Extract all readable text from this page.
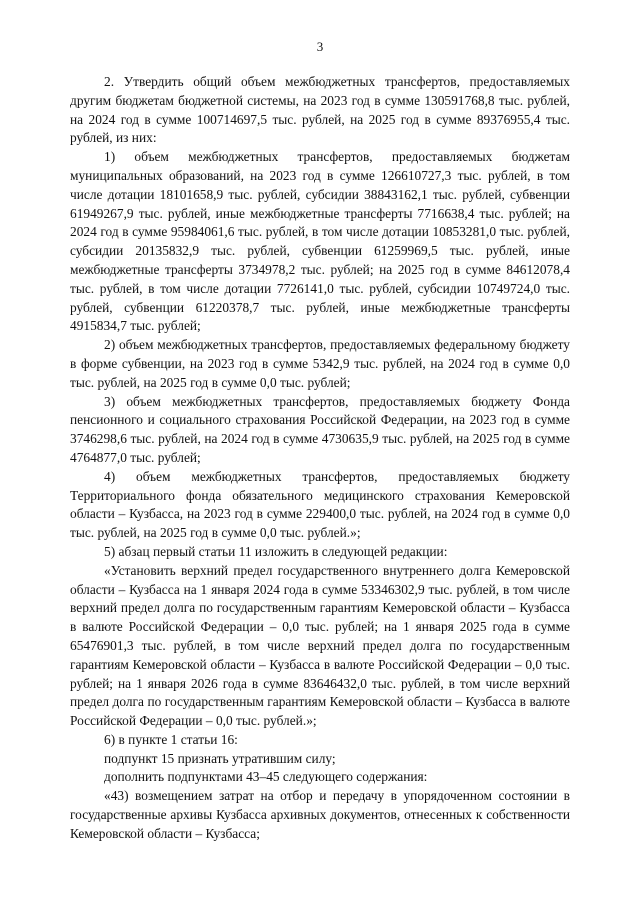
3

2. Утвердить общий объем межбюджетных трансфертов, предоставляемых другим бюджетам бюджетной системы, на 2023 год в сумме 130591768,8 тыс. рублей, на 2024 год в сумме 100714697,5 тыс. рублей, на 2025 год в сумме 89376955,4 тыс. рублей, из них:

1) объем межбюджетных трансфертов, предоставляемых бюджетам муниципальных образований, на 2023 год в сумме 126610727,3 тыс. рублей, в том числе дотации 18101658,9 тыс. рублей, субсидии 38843162,1 тыс. рублей, субвенции 61949267,9 тыс. рублей, иные межбюджетные трансферты 7716638,4 тыс. рублей; на 2024 год в сумме 95984061,6 тыс. рублей, в том числе дотации 10853281,0 тыс. рублей, субсидии 20135832,9 тыс. рублей, субвенции 61259969,5 тыс. рублей, иные межбюджетные трансферты 3734978,2 тыс. рублей; на 2025 год в сумме 84612078,4 тыс. рублей, в том числе дотации 7726141,0 тыс. рублей, субсидии 10749724,0 тыс. рублей, субвенции 61220378,7 тыс. рублей, иные межбюджетные трансферты 4915834,7 тыс. рублей;

2) объем межбюджетных трансфертов, предоставляемых федеральному бюджету в форме субвенции, на 2023 год в сумме 5342,9 тыс. рублей, на 2024 год в сумме 0,0 тыс. рублей, на 2025 год в сумме 0,0 тыс. рублей;

3) объем межбюджетных трансфертов, предоставляемых бюджету Фонда пенсионного и социального страхования Российской Федерации, на 2023 год в сумме 3746298,6 тыс. рублей, на 2024 год в сумме 4730635,9 тыс. рублей, на 2025 год в сумме 4764877,0 тыс. рублей;

4) объем межбюджетных трансфертов, предоставляемых бюджету Территориального фонда обязательного медицинского страхования Кемеровской области – Кузбасса, на 2023 год в сумме 229400,0 тыс. рублей, на 2024 год в сумме 0,0 тыс. рублей, на 2025 год в сумме 0,0 тыс. рублей.»;

5) абзац первый статьи 11 изложить в следующей редакции:

«Установить верхний предел государственного внутреннего долга Кемеровской области – Кузбасса на 1 января 2024 года в сумме 53346302,9 тыс. рублей, в том числе верхний предел долга по государственным гарантиям Кемеровской области – Кузбасса в валюте Российской Федерации – 0,0 тыс. рублей; на 1 января 2025 года в сумме 65476901,3 тыс. рублей, в том числе верхний предел долга по государственным гарантиям Кемеровской области – Кузбасса в валюте Российской Федерации – 0,0 тыс. рублей; на 1 января 2026 года в сумме 83646432,0 тыс. рублей, в том числе верхний предел долга по государственным гарантиям Кемеровской области – Кузбасса в валюте Российской Федерации – 0,0 тыс. рублей.»;

6) в пункте 1 статьи 16:

подпункт 15 признать утратившим силу;

дополнить подпунктами 43–45 следующего содержания:

«43) возмещением затрат на отбор и передачу в упорядоченном состоянии в государственные архивы Кузбасса архивных документов, отнесенных к собственности Кемеровской области – Кузбасса;
